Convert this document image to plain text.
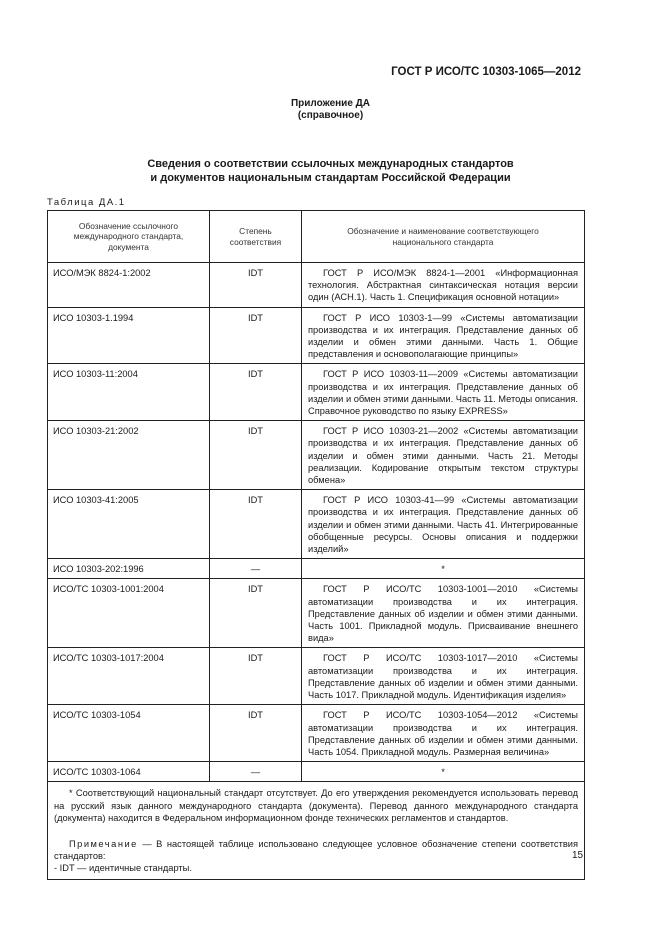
ГОСТ Р ИСО/ТС 10303-1065—2012
Приложение ДА
(справочное)
Сведения о соответствии ссылочных международных стандартов
и документов национальным стандартам Российской Федерации
Таблица ДА.1
Обозначение ссылочного международного стандарта, документа	Степень соответствия	Обозначение и наименование соответствующего национального стандарта
ИСО/МЭК 8824-1:2002	IDT	ГОСТ Р ИСО/МЭК 8824-1—2001 «Информационная технология. Абстрактная синтаксическая нотация версии один (АСН.1). Часть 1. Спецификация основной нотации»
ИСО 10303-1.1994	IDT	ГОСТ Р ИСО 10303-1—99 «Системы автоматизации производства и их интеграция. Представление данных об изделии и обмен этими данными. Часть 1. Общие представления и основополагающие принципы»
ИСО 10303-11:2004	IDT	ГОСТ Р ИСО 10303-11—2009 «Системы автоматизации производства и их интеграция. Представление данных об изделии и обмен этими данными. Часть 11. Методы описания. Справочное руководство по языку EXPRESS»
ИСО 10303-21:2002	IDT	ГОСТ Р ИСО 10303-21—2002 «Системы автоматизации производства и их интеграция. Представление данных об изделии и обмен этими данными. Часть 21. Методы реализации. Кодирование открытым текстом структуры обмена»
ИСО 10303-41:2005	IDT	ГОСТ Р ИСО 10303-41—99 «Системы автоматизации производства и их интеграция. Представление данных об изделии и обмен этими данными. Часть 41. Интегрированные обобщенные ресурсы. Основы описания и поддержки изделий»
ИСО 10303-202:1996	—	*
ИСО/ТС 10303-1001:2004	IDT	ГОСТ Р ИСО/ТС 10303-1001—2010 «Системы автоматизации производства и их интеграция. Представление данных об изделии и обмен этими данными. Часть 1001. Прикладной модуль. Присваивание внешнего вида»
ИСО/ТС 10303-1017:2004	IDT	ГОСТ Р ИСО/ТС 10303-1017—2010 «Системы автоматизации производства и их интеграция. Представление данных об изделии и обмен этими данными. Часть 1017. Прикладной модуль. Идентификация изделия»
ИСО/ТС 10303-1054	IDT	ГОСТ Р ИСО/ТС 10303-1054—2012 «Системы автоматизации производства и их интеграция. Представление данных об изделии и обмен этими данными. Часть 1054. Прикладной модуль. Размерная величина»
ИСО/ТС 10303-1064	—	*

* Соответствующий национальный стандарт отсутствует. До его утверждения рекомендуется использовать перевод на русский язык данного международного стандарта (документа). Перевод данного международного стандарта (документа) находится в Федеральном информационном фонде технических регламентов и стандартов.

Примечание — В настоящей таблице использовано следующее условное обозначение степени соответствия стандартов:

- IDT — идентичные стандарты.		

15
